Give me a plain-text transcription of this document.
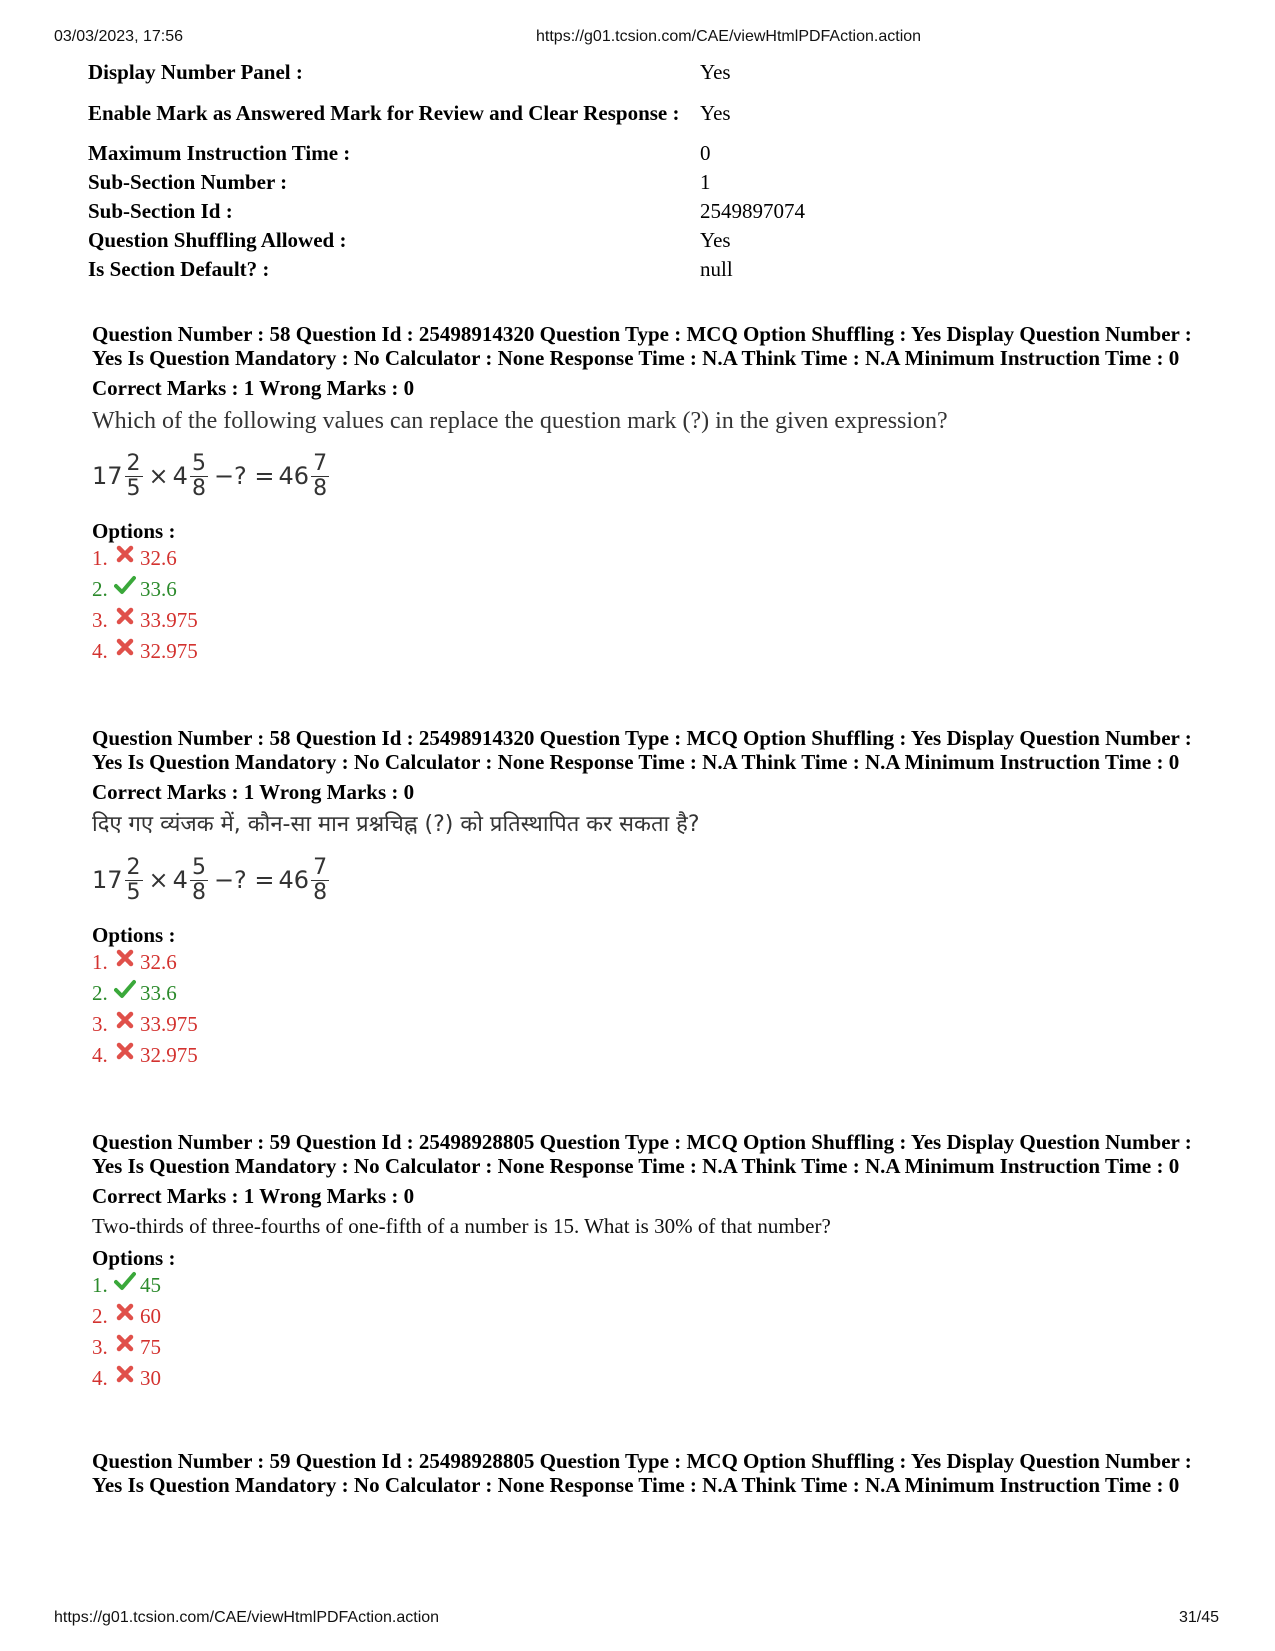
03/03/2023, 17:56	https://g01.tcsion.com/CAE/viewHtmlPDFAction.action
Display Number Panel :	Yes
Enable Mark as Answered Mark for Review and Clear Response : Yes
Maximum Instruction Time :	0
Sub-Section Number :	1
Sub-Section Id :	2549897074
Question Shuffling Allowed :	Yes
Is Section Default? :	null

Question Number : 58 Question Id : 25498914320 Question Type : MCQ Option Shuffling : Yes Display Question Number : Yes Is Question Mandatory : No Calculator : None Response Time : N.A Think Time : N.A Minimum Instruction Time : 0

Correct Marks : 1 Wrong Marks : 0
Which of the following values can replace the question mark (?) in the given expression?
$17 \frac{2}{5} \times 4 \frac{5}{8}$ −? = $46 \frac{7}{8}$
Options :
1. 32.6
2. 33.6
3. 33.975
4. 32.975

Question Number : 58 Question Id : 25498914320 Question Type : MCQ Option Shuffling : Yes Display Question Number : Yes Is Question Mandatory : No Calculator : None Response Time : N.A Think Time : N.A Minimum Instruction Time : 0

Correct Marks : 1 Wrong Marks : 0
दिए गए व्यंजक में, कौन-सा मान प्रश्नचिह्न (?) को प्रतिस्थापित कर सकता है?
$17 \frac{2}{5} \times 4 \frac{5}{8}$ −? = $46 \frac{7}{8}$
Options :
1. 32.6
2. 33.6
3. 33.975
4. 32.975

Question Number : 59 Question Id : 25498928805 Question Type : MCQ Option Shuffling : Yes Display Question Number : Yes Is Question Mandatory : No Calculator : None Response Time : N.A Think Time : N.A Minimum Instruction Time : 0

Correct Marks : 1 Wrong Marks : 0
Two-thirds of three-fourths of one-fifth of a number is 15. What is 30% of that number?
Options :
1. 45
2. 60
3. 75
4. 30

Question Number : 59 Question Id : 25498928805 Question Type : MCQ Option Shuffling : Yes Display Question Number : Yes Is Question Mandatory : No Calculator : None Response Time : N.A Think Time : N.A Minimum Instruction Time : 0

https://g01.tcsion.com/CAE/viewHtmlPDFAction.action	31/45
